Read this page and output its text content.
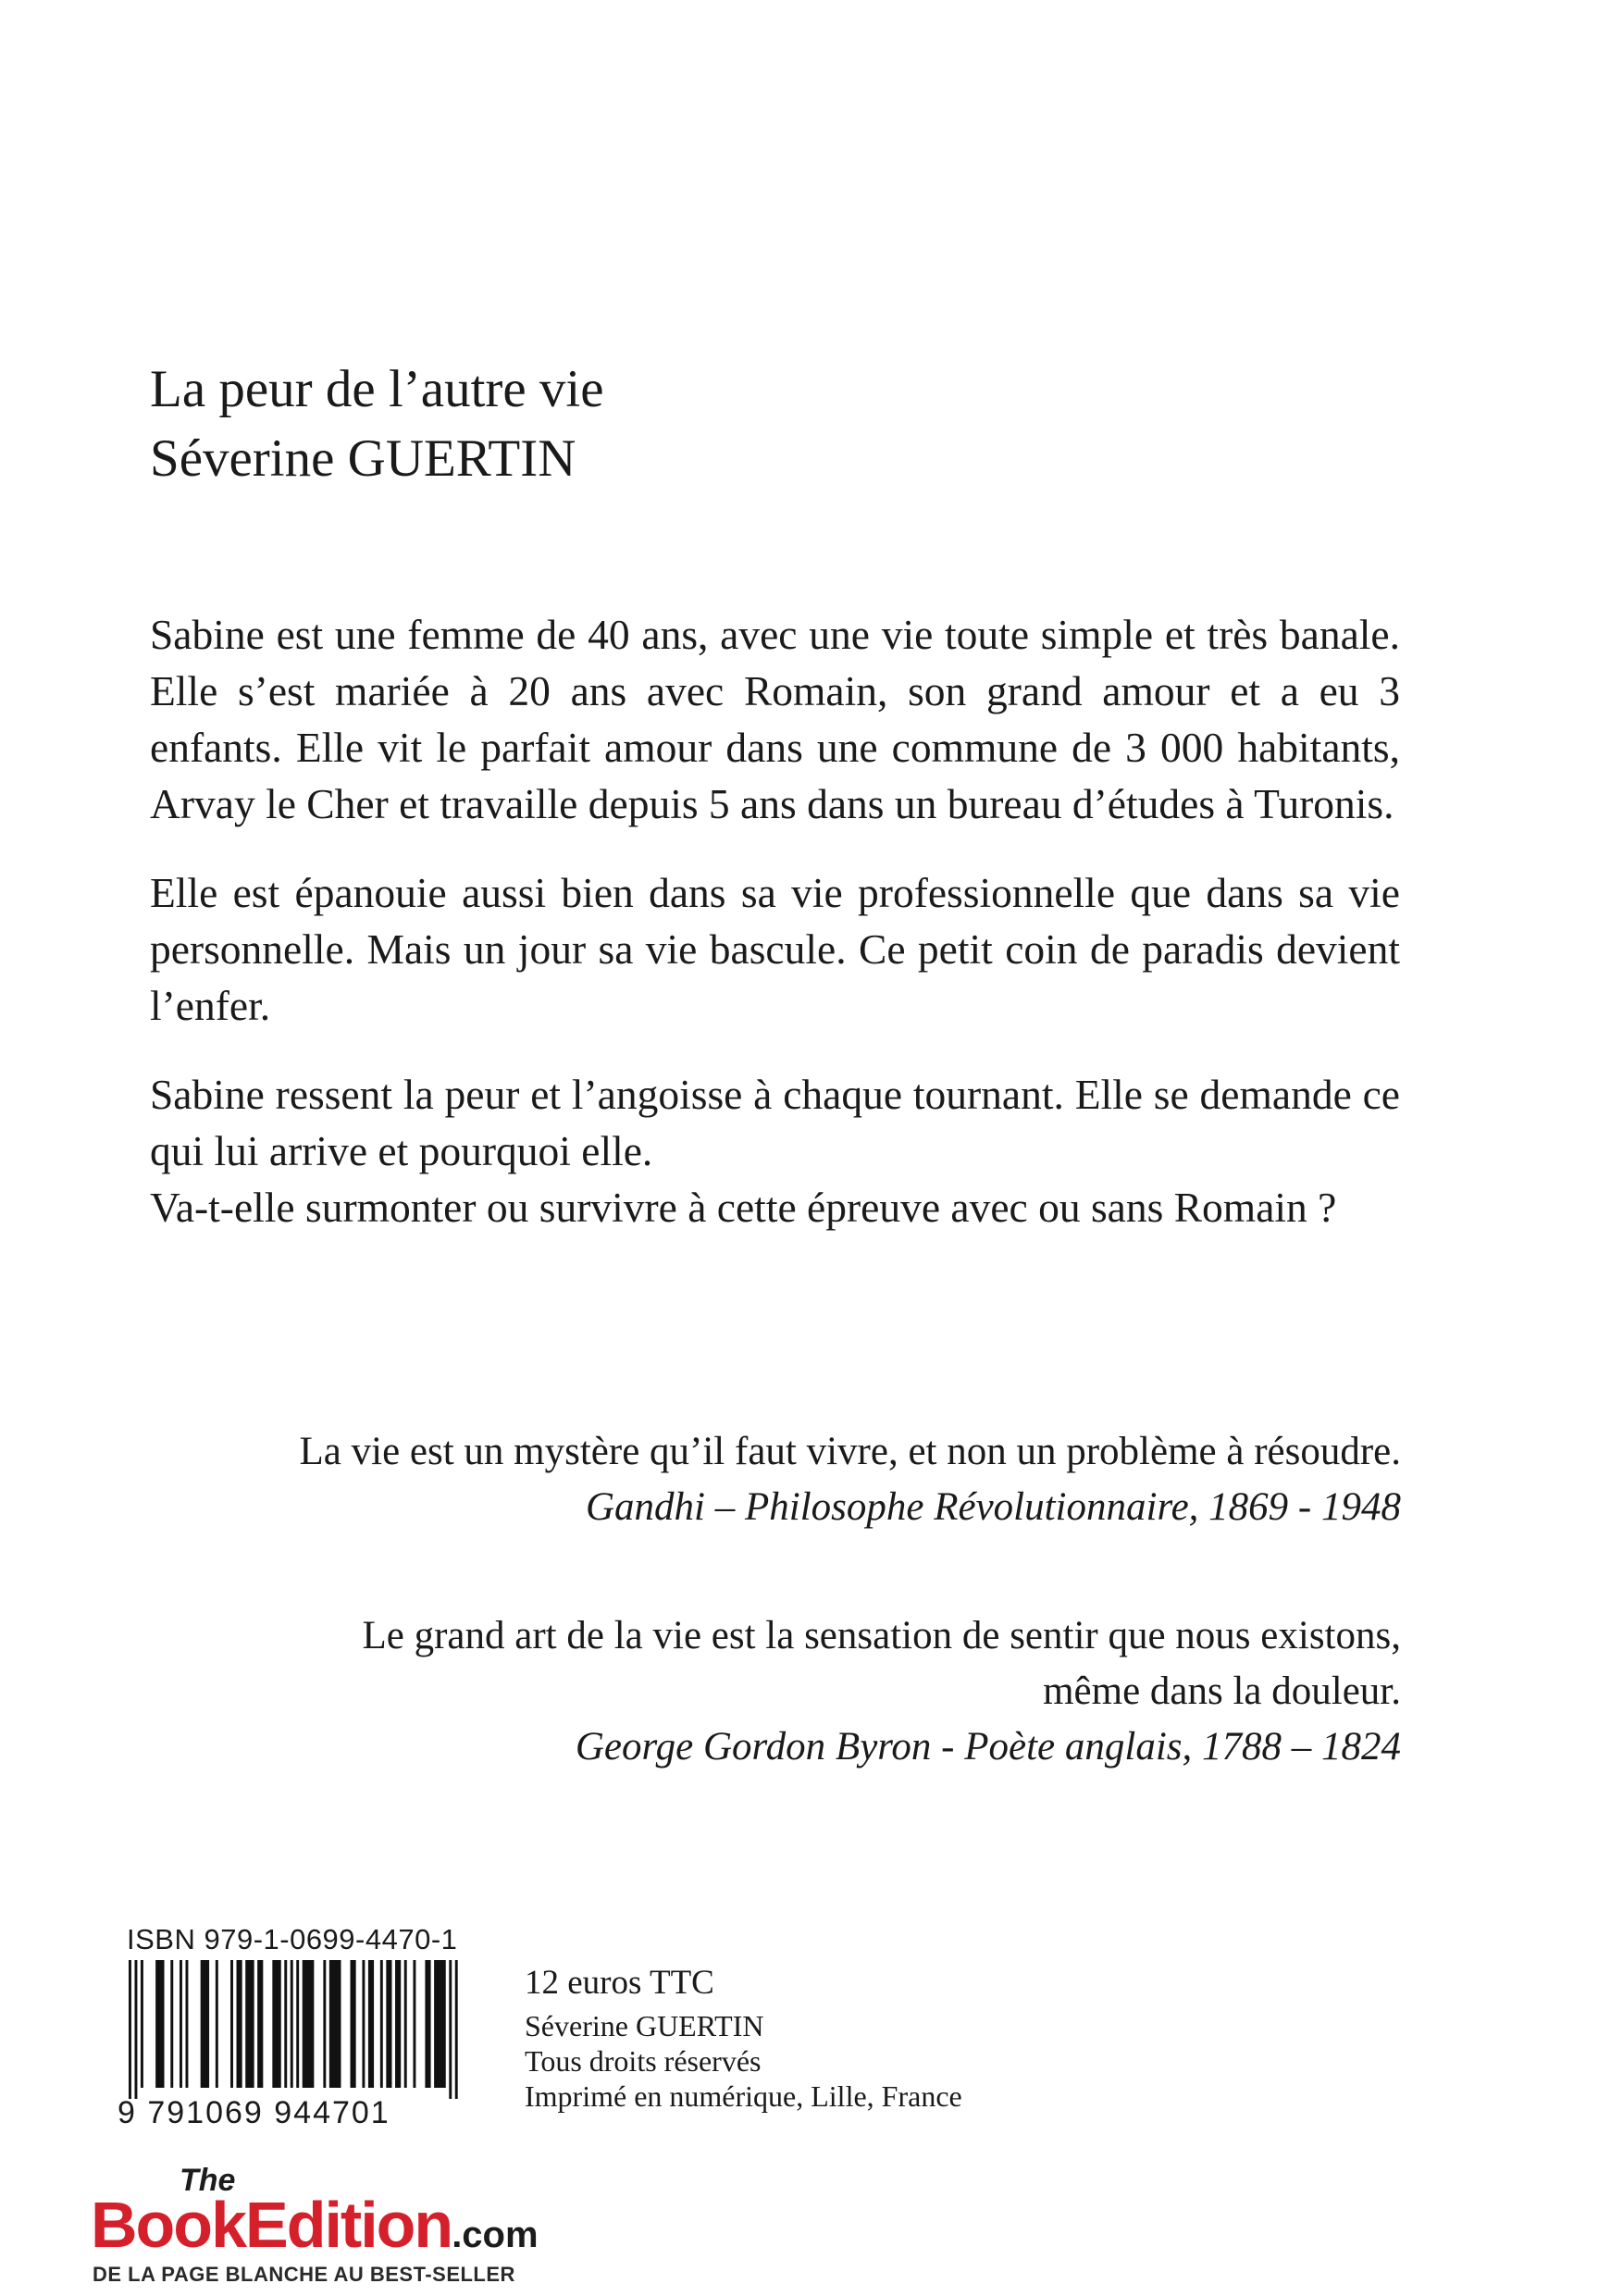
La peur de l’autre vie
Séverine GUERTIN

Sabine est une femme de 40 ans, avec une vie toute simple et très banale. Elle s’est mariée à 20 ans avec Romain, son grand amour et a eu 3 enfants. Elle vit le parfait amour dans une commune de 3 000 habitants, Arvay le Cher et travaille depuis 5 ans dans un bureau d’études à Turonis.

Elle est épanouie aussi bien dans sa vie professionnelle que dans sa vie personnelle. Mais un jour sa vie bascule. Ce petit coin de paradis devient l’enfer.

Sabine ressent la peur et l’angoisse à chaque tournant. Elle se demande ce qui lui arrive et pourquoi elle.

Va-t-elle surmonter ou survivre à cette épreuve avec ou sans Romain ?

La vie est un mystère qu’il faut vivre, et non un problème à résoudre.
Gandhi – Philosophe Révolutionnaire, 1869 - 1948
Le grand art de la vie est la sensation de sentir que nous existons,
même dans la douleur.
George Gordon Byron - Poète anglais, 1788 – 1824
ISBN 979-1-0699-4470-1
9 791069 944701
12 euros TTC
Séverine GUERTIN
Tous droits réservés
Imprimé en numérique, Lille, France
The
BookEdition.com
DE LA PAGE BLANCHE AU BEST-SELLER
